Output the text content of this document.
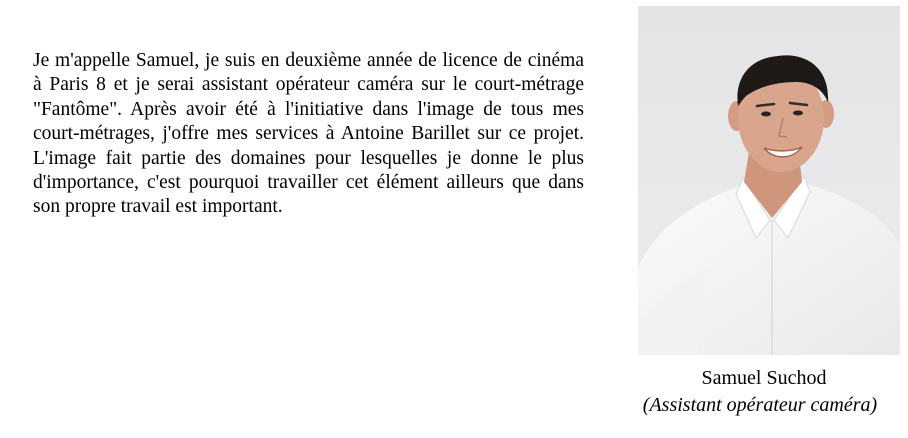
Je m'appelle Samuel, je suis en deuxième année de licence de cinéma à Paris 8 et je serai assistant opérateur caméra sur le court-métrage "Fantôme". Après avoir été à l'initiative dans l'image de tous mes court-métrages, j'offre mes services à Antoine Barillet sur ce projet. L'image fait partie des domaines pour lesquelles je donne le plus d'importance, c'est pourquoi travailler cet élément ailleurs que dans son propre travail est important.

Samuel Suchod
(Assistant opérateur caméra)
